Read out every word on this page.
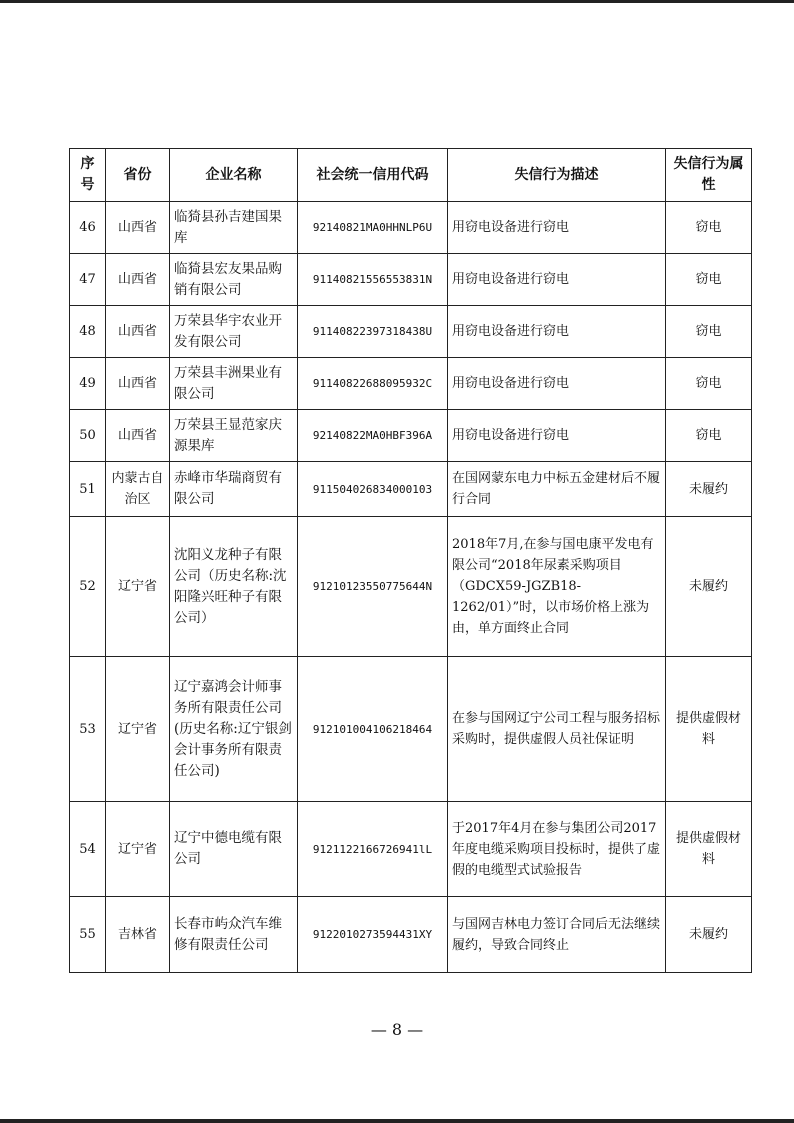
序号	省份	企业名称	社会统一信用代码	失信行为描述	失信行为属性
46	山西省	临猗县孙吉建国果库	92140821MA0HHNLP6U	用窃电设备进行窃电	窃电
47	山西省	临猗县宏友果品购销有限公司	91140821556553831N	用窃电设备进行窃电	窃电
48	山西省	万荣县华宇农业开发有限公司	91140822397318438U	用窃电设备进行窃电	窃电
49	山西省	万荣县丰洲果业有限公司	91140822688095932C	用窃电设备进行窃电	窃电
50	山西省	万荣县王显范家庆源果库	92140822MA0HBF396A	用窃电设备进行窃电	窃电
51	内蒙古自治区	赤峰市华瑞商贸有限公司	911504026834000103	在国网蒙东电力中标五金建材后不履行合同	未履约
52	辽宁省	沈阳义龙种子有限公司（历史名称:沈阳隆兴旺种子有限公司）	91210123550775644N	2018年7月,在参与国电康平发电有限公司“2018年尿素采购项目（GDCX59-JGZB18-1262/01）”时，以市场价格上涨为由，单方面终止合同	未履约
53	辽宁省	辽宁嘉鸿会计师事务所有限责任公司(历史名称:辽宁银剑会计事务所有限责任公司)	912101004106218464	在参与国网辽宁公司工程与服务招标采购时，提供虚假人员社保证明	提供虚假材料
54	辽宁省	辽宁中德电缆有限公司	9121122166726941lL	于2017年4月在参与集团公司2017年度电缆采购项目投标时，提供了虚假的电缆型式试验报告	提供虚假材料
55	吉林省	长春市屿众汽车维修有限责任公司	9122010273594431XY	与国网吉林电力签订合同后无法继续履约，导致合同终止	未履约
— 8 —
